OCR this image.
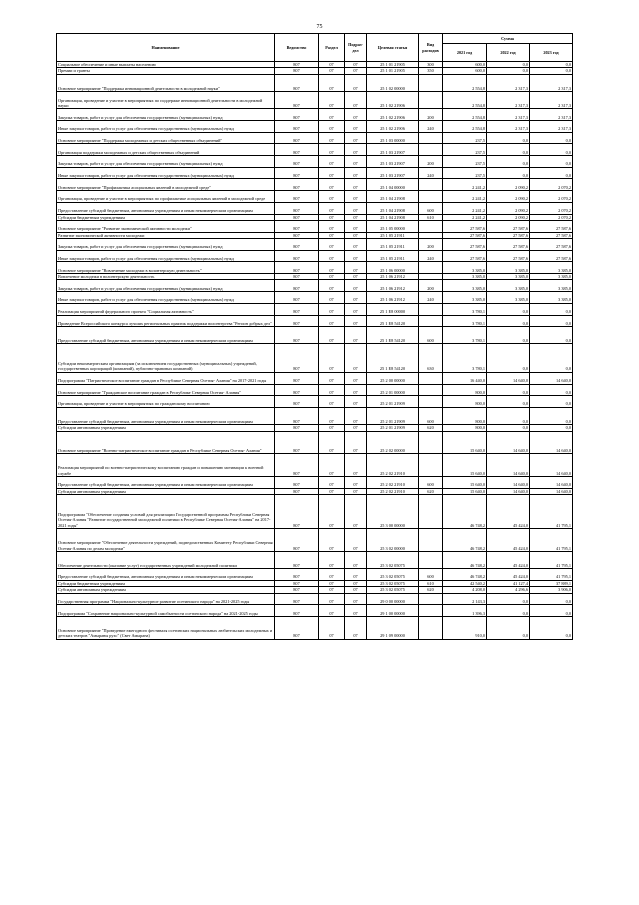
75
Наименование	Ведомство	Раздел	Подраз-дел	Целевая статья	Вид расходов	Сумма		
						2021 год	2022 год	2023 год
Социальное обеспечение и иные выплаты населению	807	07	07	25 1 01 21905	300	600,0	0,0	0,0
Премии и гранты	807	07	07	25 1 01 21905	350	600,0	0,0	0,0
Основное мероприятие "Поддержка инновационной деятельности в молодежной науки"	807	07	07	25 1 02 00000		2 554,8	2 317,3	2 317,3
Организация, проведение и участие в мероприятиях по поддержке инновационной деятельности в молодежной науки	807	07	07	25 1 02 21906		2 554,8	2 317,3	2 317,3
Закупка товаров, работ и услуг для обеспечения государственных (муниципальных) нужд	807	07	07	25 1 02 21906	200	2 554,8	2 317,3	2 317,3
Иные закупки товаров, работ и услуг для обеспечения государственных (муниципальных) нужд	807	07	07	25 1 02 21906	240	2 554,8	2 317,3	2 317,3
Основное мероприятие "Поддержка молодежных и детских общественных объединений"	807	07	07	25 1 03 00000		237,5	0,0	0,0
Организация поддержки молодежных и детских общественных объединений	807	07	07	25 1 03 21907		237,5	0,0	0,0
Закупка товаров, работ и услуг для обеспечения государственных (муниципальных) нужд	807	07	07	25 1 03 21907	200	237,5	0,0	0,0
Иные закупки товаров, работ и услуг для обеспечения государственных (муниципальных) нужд	807	07	07	25 1 03 21907	240	237,5	0,0	0,0
Основное мероприятие "Профилактика асоциальных явлений в молодежной среде"	807	07	07	25 1 04 00000		2 241,2	2 090,2	2 070,2
Организация, проведение и участие в мероприятиях по профилактике асоциальных явлений в молодежной среде	807	07	07	25 1 04 21908		2 241,2	2 090,2	2 070,2
Предоставление субсидий бюджетным, автономным учреждениям и иным некоммерческим организациям	807	07	07	25 1 04 21908	600	2 241,2	2 090,2	2 070,2
Субсидии бюджетным учреждениям	807	07	07	25 1 04 21908	610	2 241,2	2 090,2	2 070,2
Основное мероприятие "Развитие экономической активности молодежи"	807	07	07	25 1 05 00000		27 587,6	27 587,6	27 587,6
Развитие экономической активности молодежи	807	07	07	25 1 05 21911		27 587,6	27 587,6	27 587,6
Закупка товаров, работ и услуг для обеспечения государственных (муниципальных) нужд	807	07	07	25 1 05 21911	200	27 587,6	27 587,6	27 587,6
Иные закупки товаров, работ и услуг для обеспечения государственных (муниципальных) нужд	807	07	07	25 1 05 21911	240	27 587,6	27 587,6	27 587,6
Основное мероприятие "Вовлечение молодежи в волонтерскую деятельность"	807	07	07	25 1 06 00000		3 385,0	3 385,0	3 385,0
Вовлечение молодежи в волонтерскую деятельность	807	07	07	25 1 06 21912		3 385,0	3 385,0	3 385,0
Закупка товаров, работ и услуг для обеспечения государственных (муниципальных) нужд	807	07	07	25 1 06 21912	200	3 385,0	3 385,0	3 385,0
Иные закупки товаров, работ и услуг для обеспечения государственных (муниципальных) нужд	807	07	07	25 1 06 21912	240	3 385,0	3 385,0	3 385,0
Реализация мероприятий федерального проекта "Социальная активность"	807	07	07	25 1 E8 00000		3 780,1	0,0	0,0
Проведение Всероссийского конкурса лучших региональных практик поддержки волонтерства "Регион добрых дел"	807	07	07	25 1 E8 54120		3 780,1	0,0	0,0
Предоставление субсидий бюджетным, автономным учреждениям и иным некоммерческим организациям	807	07	07	25 1 E8 54120	600	3 780,1	0,0	0,0
Субсидии некоммерческим организациям (за исключением государственных (муниципальных) учреждений, государственных корпораций (компаний), публично-правовых компаний)	807	07	07	25 1 E8 54120	630	3 780,1	0,0	0,0
Подпрограмма "Патриотическое воспитание граждан в Республике Северная Осетия- Алания" на 2017-2021 годы	807	07	07	25 2 00 00000		16 440,0	14 640,0	14 640,0
Основное мероприятие "Гражданское воспитание граждан в Республике Северная Осетия- Алания"	807	07	07	25 2 01 00000		800,0	0,0	0,0
Организация, проведение и участие в мероприятиях по гражданскому воспитанию	807	07	07	25 2 01 21909		800,0	0,0	0,0
Предоставление субсидий бюджетным, автономным учреждениям и иным некоммерческим организациям	807	07	07	25 2 01 21909	600	800,0	0,0	0,0
Субсидии автономным учреждениям	807	07	07	25 2 01 21909	620	800,0	0,0	0,0
Основное мероприятие "Военно-патриотическое воспитание граждан в Республике Северная Осетия- Алания"	807	07	07	25 2 02 00000		15 640,0	14 640,0	14 640,0
Реализация мероприятий по военно-патриотическому воспитанию граждан и повышению мотивации к военной службе	807	07	07	25 2 02 21910		15 640,0	14 640,0	14 640,0
Предоставление субсидий бюджетным, автономным учреждениям и иным некоммерческим организациям	807	07	07	25 2 02 21910	600	15 640,0	14 640,0	14 640,0
Субсидии автономным учреждениям	807	07	07	25 2 02 21910	620	15 640,0	14 640,0	14 640,0
Подпрограмма "Обеспечение создания условий для реализации Государственной программы Республики Северная Осетия-Алания "Развитие государственной молодежной политики в Республике Северная Осетия-Алания" на 2017-2021 годы"	807	07	07	25 3 00 00000		46 748,2	45 424,0	41 795,1
Основное мероприятие "Обеспечение деятельности учреждений, подведомственных Комитету Республики Северная Осетия-Алания по делам молодежи"	807	07	07	25 3 02 00000		46 748,2	45 424,0	41 795,1
Обеспечение деятельности (оказание услуг) государственных учреждений молодежной политики	807	07	07	25 3 02 05075		46 748,2	45 424,0	41 795,1
Предоставление субсидий бюджетным, автономным учреждениям и иным некоммерческим организациям	807	07	07	25 3 02 05075	600	46 748,2	45 424,0	41 795,1
Субсидии бюджетным учреждениям	807	07	07	25 3 02 05075	610	42 540,2	41 127,4	37 889,1
Субсидии автономным учреждениям	807	07	07	25 3 02 05075	620	4 208,0	4 296,6	3 906,0
Государственная программа "Национально-культурное развитие осетинского народа" на 2021-2025 годы	807	07	07	29 0 00 00000		2 143,3	0,0	0,0
Подпрограмма "Сохранение национально-культурной самобытности осетинского народа" на 2021-2025 годы	807	07	07	29 1 00 00000		1 396,3	0,0	0,0
Основное мероприятие "Проведение ежегодного фестиваля осетинских национальных любительских молодежных и детских театров "Амыраны рухс" (Свет Амырана)	807	07	07	29 1 09 00000		910,0	0,0	0,0
